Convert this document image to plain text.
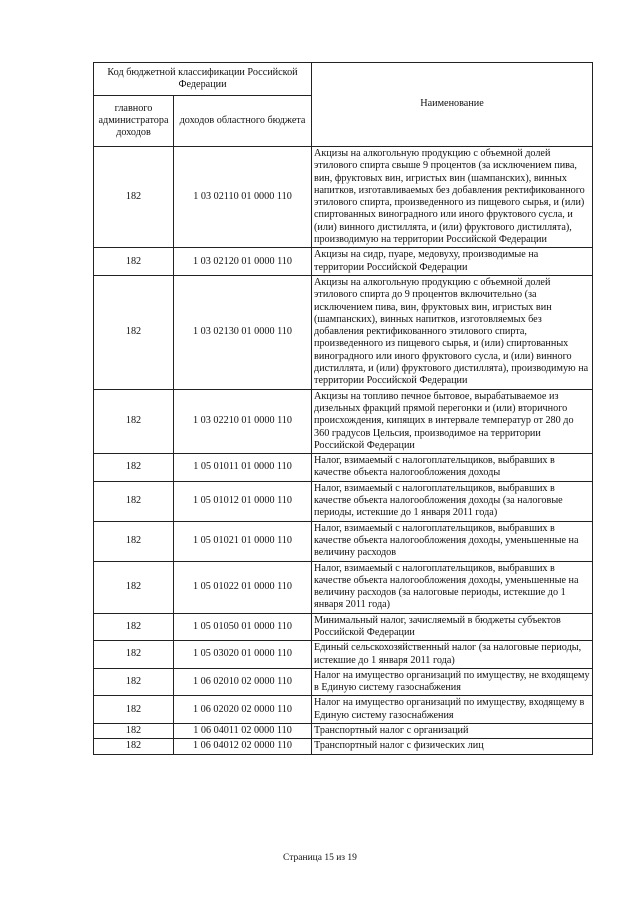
Код бюджетной классификации Российской Федерации		Наименование
главного администратора доходов	доходов областного бюджета	
182	1 03 02110 01 0000 110	Акцизы на алкогольную продукцию с объемной долей этилового спирта свыше 9 процентов (за исключением пива, вин, фруктовых вин, игристых вин (шампанских), винных напитков, изготавливаемых без добавления ректификованного этилового спирта, произведенного из пищевого сырья, и (или) спиртованных виноградного или иного фруктового сусла, и (или) винного дистиллята, и (или) фруктового дистиллята), производимую на территории Российской Федерации
182	1 03 02120 01 0000 110	Акцизы на сидр, пуаре, медовуху, производимые на территории Российской Федерации
182	1 03 02130 01 0000 110	Акцизы на алкогольную продукцию с объемной долей этилового спирта до 9 процентов включительно (за исключением пива, вин, фруктовых вин, игристых вин (шампанских), винных напитков, изготовляемых без добавления ректификованного этилового спирта, произведенного из пищевого сырья, и (или) спиртованных виноградного или иного фруктового сусла, и (или) винного дистиллята, и (или) фруктового дистиллята), производимую на территории Российской Федерации
182	1 03 02210 01 0000 110	Акцизы на топливо печное бытовое, вырабатываемое из дизельных фракций прямой перегонки и (или) вторичного происхождения, кипящих в интервале температур от 280 до 360 градусов Цельсия, производимое на территории Российской Федерации
182	1 05 01011 01 0000 110	Налог, взимаемый с налогоплательщиков, выбравших в качестве объекта налогообложения доходы
182	1 05 01012 01 0000 110	Налог, взимаемый с налогоплательщиков, выбравших в качестве объекта налогообложения доходы (за налоговые периоды, истекшие до 1 января 2011 года)
182	1 05 01021 01 0000 110	Налог, взимаемый с налогоплательщиков, выбравших в качестве объекта налогообложения доходы, уменьшенные на величину расходов
182	1 05 01022 01 0000 110	Налог, взимаемый с налогоплательщиков, выбравших в качестве объекта налогообложения доходы, уменьшенные на величину расходов (за налоговые периоды, истекшие до 1 января 2011 года)
182	1 05 01050 01 0000 110	Минимальный налог, зачисляемый в бюджеты субъектов Российской Федерации
182	1 05 03020 01 0000 110	Единый сельскохозяйственный налог (за налоговые периоды, истекшие до 1 января 2011 года)
182	1 06 02010 02 0000 110	Налог на имущество организаций по имуществу, не входящему в Единую систему газоснабжения
182	1 06 02020 02 0000 110	Налог на имущество организаций по имуществу, входящему в Единую систему газоснабжения
182	1 06 04011 02 0000 110	Транспортный налог с организаций
182	1 06 04012 02 0000 110	Транспортный налог с физических лиц
Страница 15 из 19
